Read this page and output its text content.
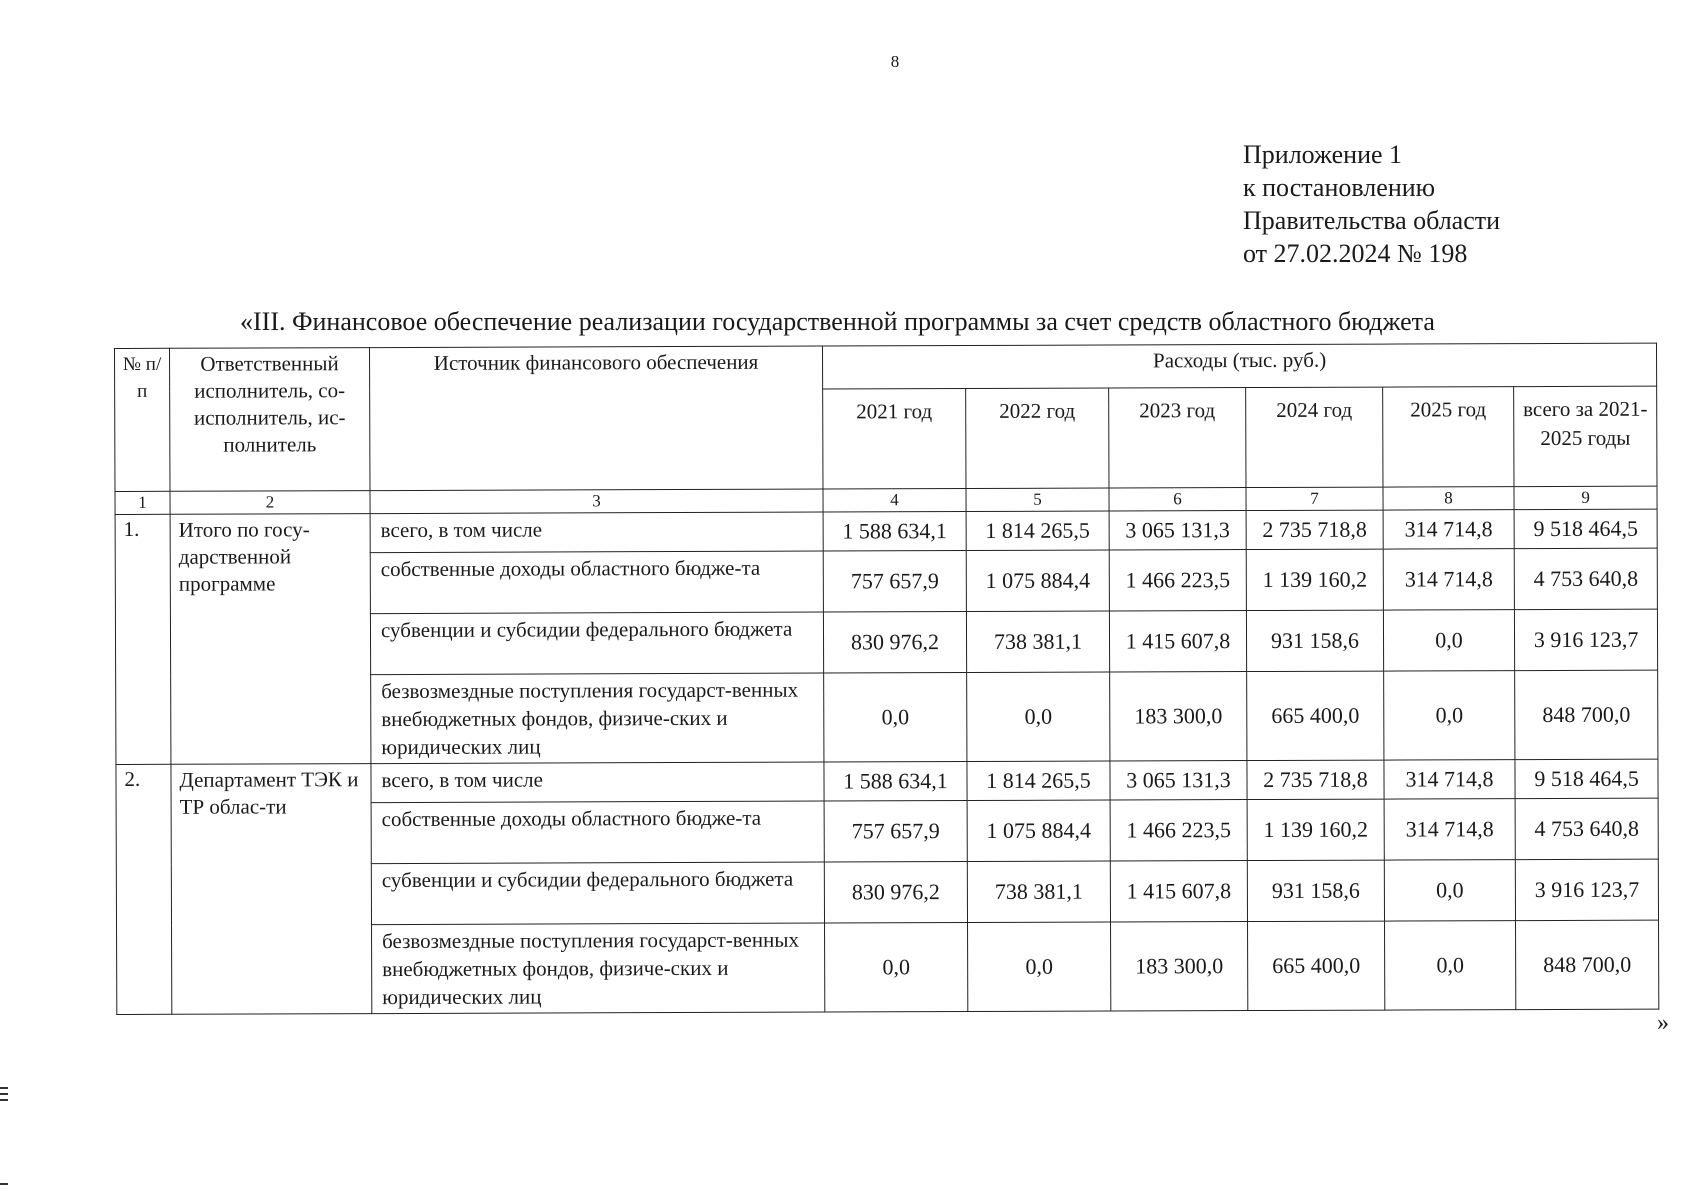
8
Приложение 1
к постановлению
Правительства области
от 27.02.2024 № 198
«III. Финансовое обеспечение реализации государственной программы за счет средств областного бюджета
№ п/п	Ответственный исполнитель, со-исполнитель, ис-полнитель	Источник финансового обеспечения	Расходы (тыс. руб.)					
			2021 год	2022 год	2023 год	2024 год	2025 год	всего за 2021-2025 годы
1	2	3	4	5	6	7	8	9
1.	Итого по госу-дарственной программе	всего, в том числе	1 588 634,1	1 814 265,5	3 065 131,3	2 735 718,8	314 714,8	9 518 464,5
		собственные доходы областного бюдже-та	757 657,9	1 075 884,4	1 466 223,5	1 139 160,2	314 714,8	4 753 640,8
		субвенции и субсидии федерального бюджета	830 976,2	738 381,1	1 415 607,8	931 158,6	0,0	3 916 123,7
		безвозмездные поступления государст-венных внебюджетных фондов, физиче-ских и юридических лиц	0,0	0,0	183 300,0	665 400,0	0,0	848 700,0
2.	Департамент ТЭК и ТР облас-ти	всего, в том числе	1 588 634,1	1 814 265,5	3 065 131,3	2 735 718,8	314 714,8	9 518 464,5
		собственные доходы областного бюдже-та	757 657,9	1 075 884,4	1 466 223,5	1 139 160,2	314 714,8	4 753 640,8
		субвенции и субсидии федерального бюджета	830 976,2	738 381,1	1 415 607,8	931 158,6	0,0	3 916 123,7
		безвозмездные поступления государст-венных внебюджетных фондов, физиче-ских и юридических лиц	0,0	0,0	183 300,0	665 400,0	0,0	848 700,0
»
